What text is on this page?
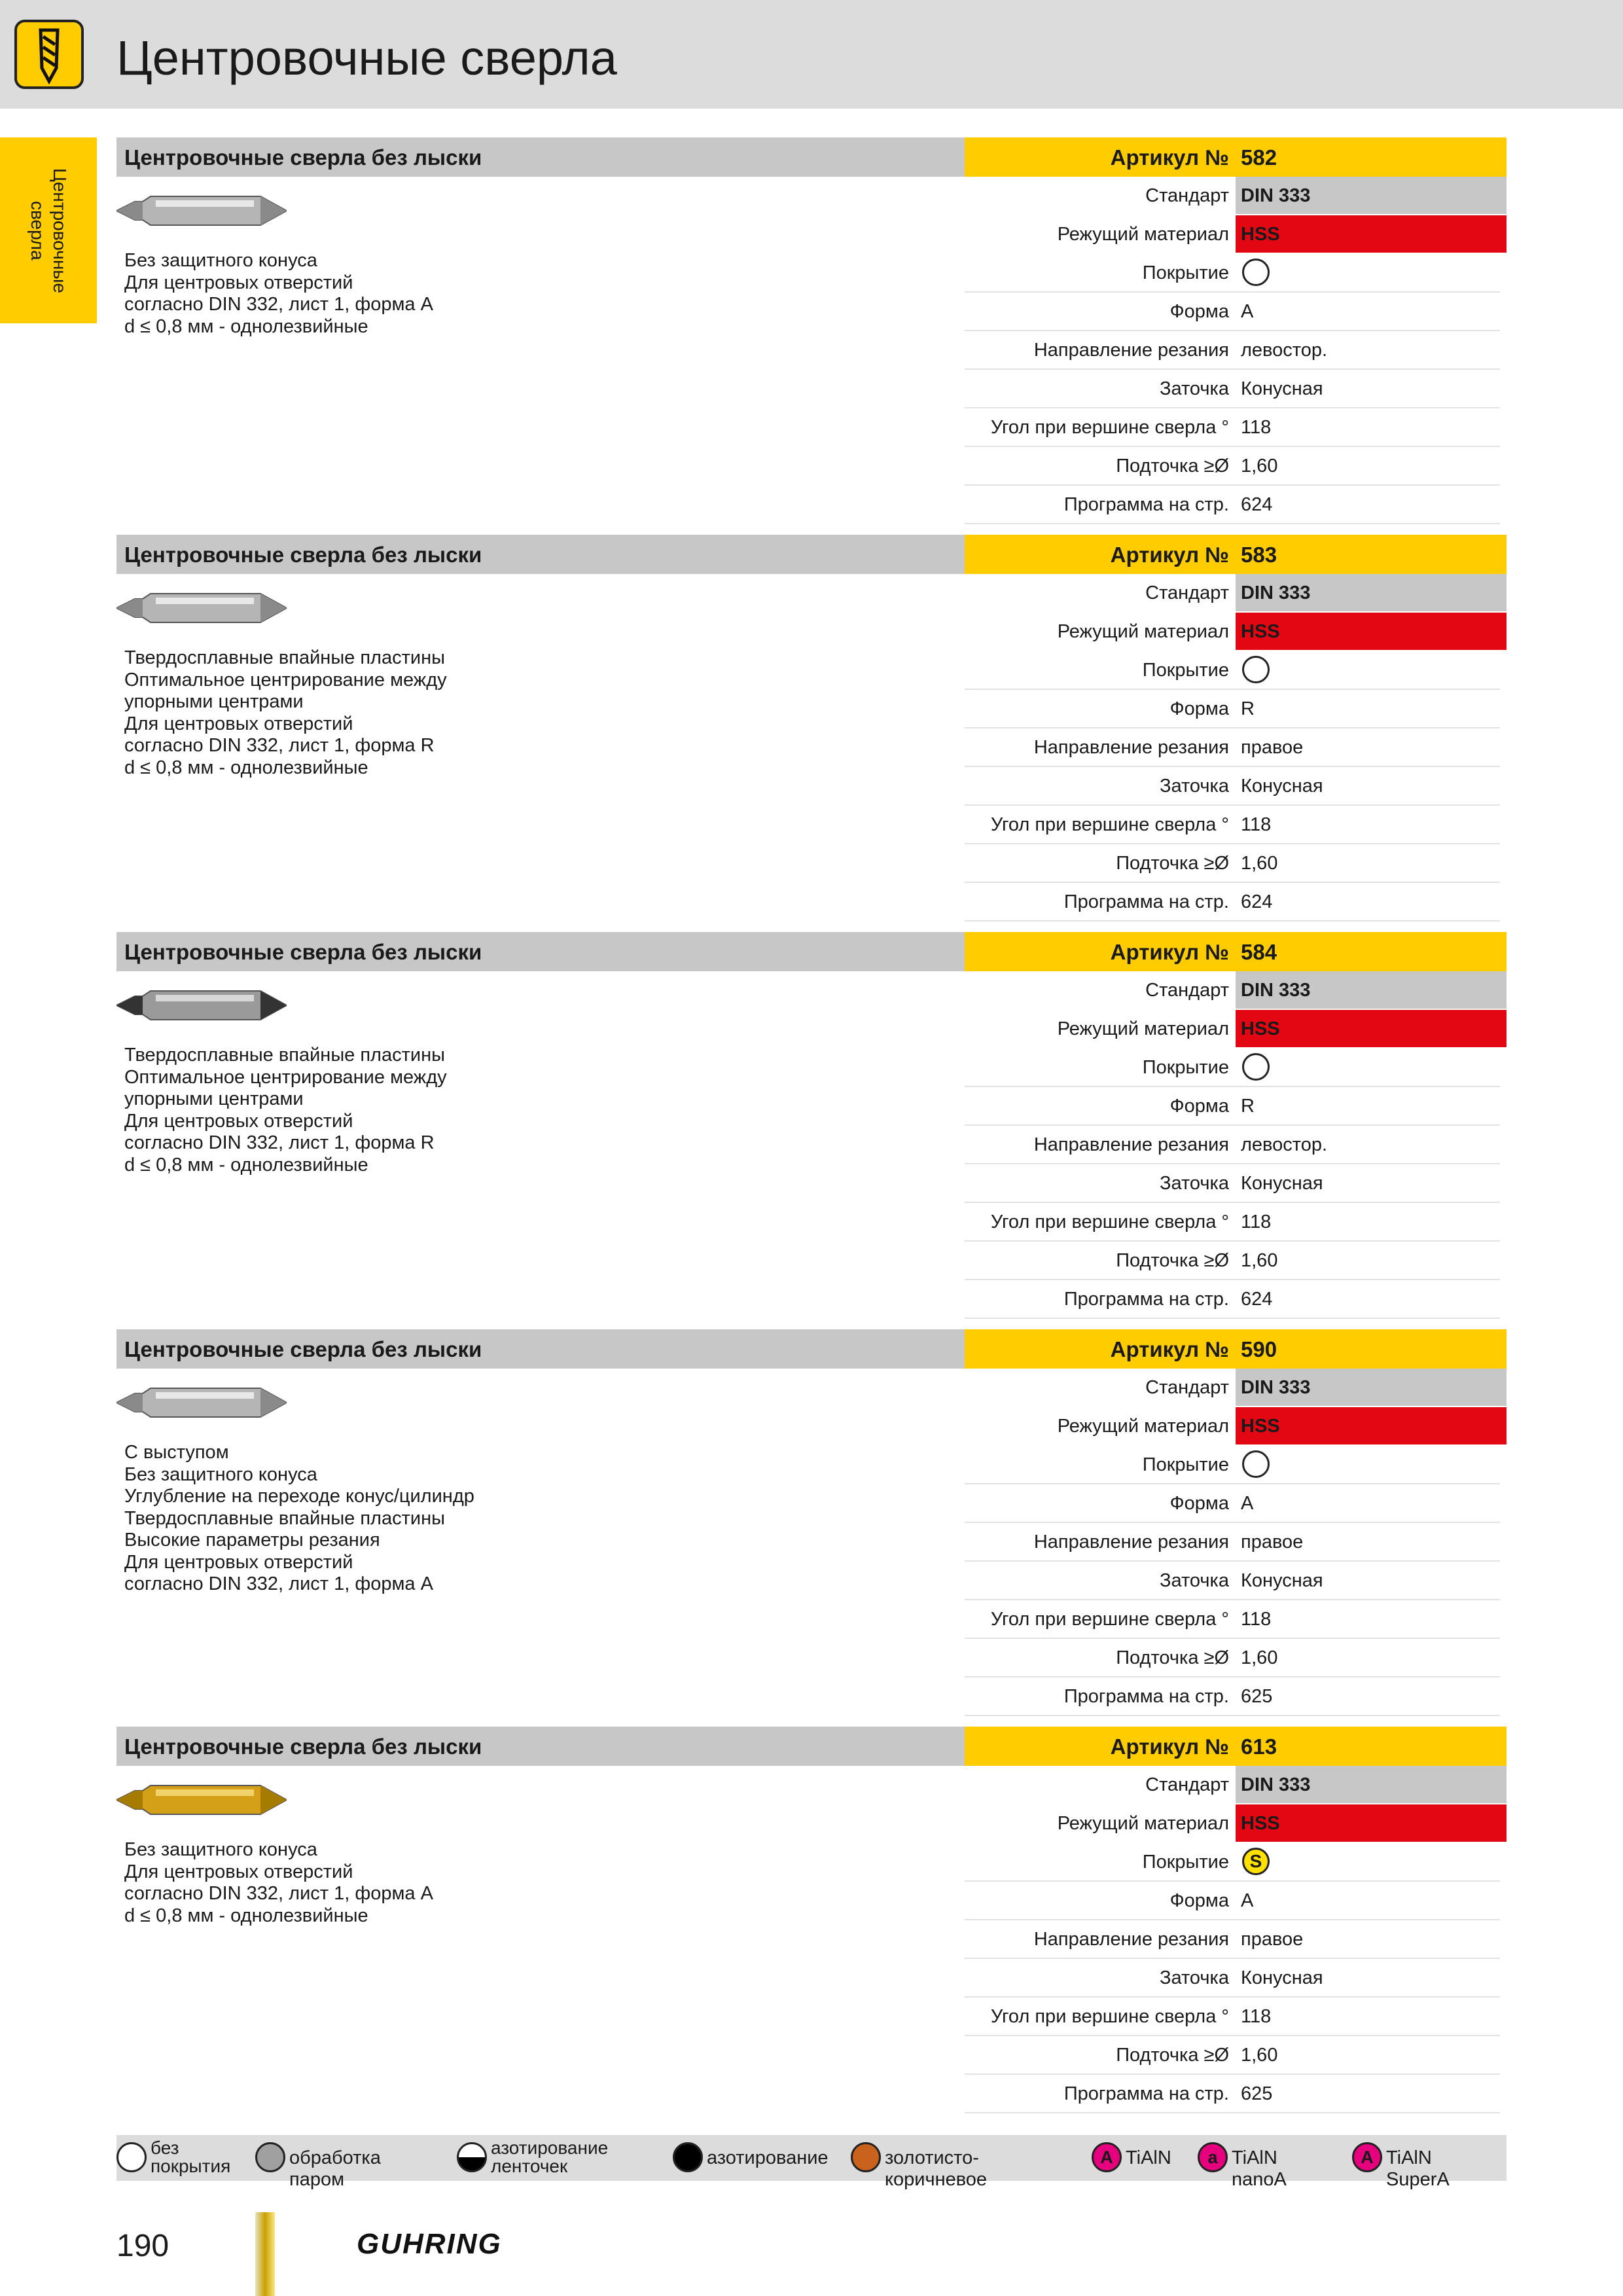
Центровочные сверла
Центровочные
сверла
Центровочные сверла без лыски	Артикул № 582
Без защитного конуса
Для центровых отверстий
согласно DIN 332, лист 1, форма А
d ≤ 0,8 мм - однолезвийные
Стандарт DIN 333
Режущий материал HSS
Покрытие
Форма A
Направление резания левостор.
Заточка Конусная
Угол при вершине сверла ° 118
Подточка ≥Ø 1,60
Программа на стр. 624
Центровочные сверла без лыски	Артикул № 583
Твердосплавные впайные пластины
Оптимальное центрирование между
упорными центрами
Для центровых отверстий
согласно DIN 332, лист 1, форма R
d ≤ 0,8 мм - однолезвийные
Стандарт DIN 333
Режущий материал HSS
Покрытие
Форма R
Направление резания правое
Заточка Конусная
Угол при вершине сверла ° 118
Подточка ≥Ø 1,60
Программа на стр. 624
Центровочные сверла без лыски	Артикул № 584
Твердосплавные впайные пластины
Оптимальное центрирование между
упорными центрами
Для центровых отверстий
согласно DIN 332, лист 1, форма R
d ≤ 0,8 мм - однолезвийные
Стандарт DIN 333
Режущий материал HSS
Покрытие
Форма R
Направление резания левостор.
Заточка Конусная
Угол при вершине сверла ° 118
Подточка ≥Ø 1,60
Программа на стр. 624
Центровочные сверла без лыски	Артикул № 590
С выступом
Без защитного конуса
Углубление на переходе конус/цилиндр
Твердосплавные впайные пластины
Высокие параметры резания
Для центровых отверстий
согласно DIN 332, лист 1, форма А
Стандарт DIN 333
Режущий материал HSS
Покрытие
Форма A
Направление резания правое
Заточка Конусная
Угол при вершине сверла ° 118
Подточка ≥Ø 1,60
Программа на стр. 625
Центровочные сверла без лыски	Артикул № 613
Без защитного конуса
Для центровых отверстий
согласно DIN 332, лист 1, форма А
d ≤ 0,8 мм - однолезвийные
Стандарт DIN 333
Режущий материал HSS
Покрытие	S
Форма A
Направление резания правое
Заточка Конусная
Угол при вершине сверла ° 118
Подточка ≥Ø 1,60
Программа на стр. 625
без
покрытия	обработка паром
азотирование
ленточек	азотирование	золотисто-коричневое
A TiAlN	a TiAlN nanoA
A TiAlN SuperA
190	GUHRING
